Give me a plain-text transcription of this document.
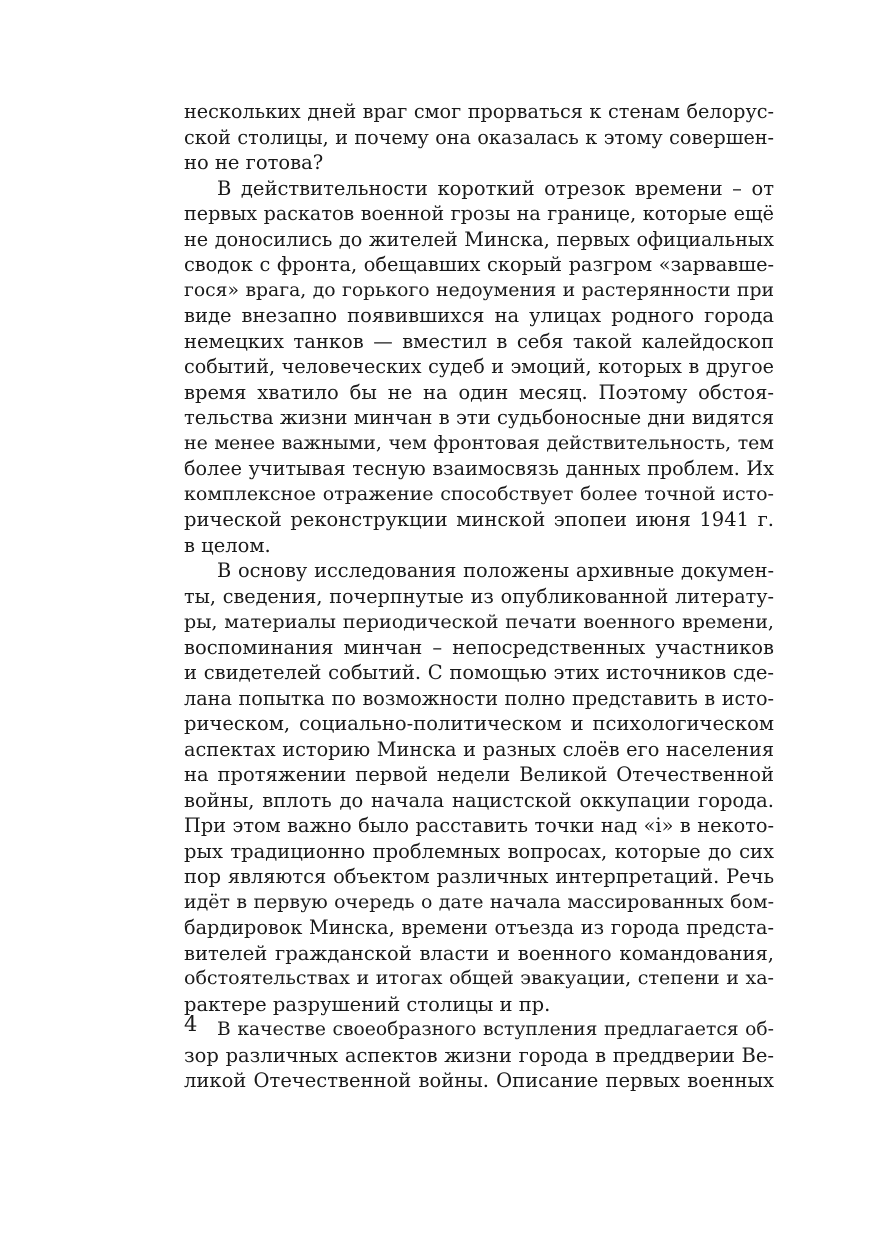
нескольких дней враг смог прорваться к стенам белорус-
ской столицы, и почему она оказалась к этому совершен-
но не готова?
В действительности короткий отрезок времени – от
первых раскатов военной грозы на границе, которые ещё
не доносились до жителей Минска, первых официальных
сводок с фронта, обещавших скорый разгром «зарвавше-
гося» врага, до горького недоумения и растерянности при
виде внезапно появившихся на улицах родного города
немецких танков — вместил в себя такой калейдоскоп
событий, человеческих судеб и эмоций, которых в другое
время хватило бы не на один месяц. Поэтому обстоя-
тельства жизни минчан в эти судьбоносные дни видятся
не менее важными, чем фронтовая действительность, тем
более учитывая тесную взаимосвязь данных проблем. Их
комплексное отражение способствует более точной исто-
рической реконструкции минской эпопеи июня 1941 г.
в целом.
В основу исследования положены архивные докумен-
ты, сведения, почерпнутые из опубликованной литерату-
ры, материалы периодической печати военного времени,
воспоминания минчан – непосредственных участников
и свидетелей событий. С помощью этих источников сде-
лана попытка по возможности полно представить в исто-
рическом, социально-политическом и психологическом
аспектах историю Минска и разных слоёв его населения
на протяжении первой недели Великой Отечественной
войны, вплоть до начала нацистской оккупации города.
При этом важно было расставить точки над «i» в некото-
рых традиционно проблемных вопросах, которые до сих
пор являются объектом различных интерпретаций. Речь
идёт в первую очередь о дате начала массированных бом-
бардировок Минска, времени отъезда из города предста-
вителей гражданской власти и военного командования,
обстоятельствах и итогах общей эвакуации, степени и ха-
рактере разрушений столицы и пр.
В качестве своеобразного вступления предлагается об-
зор различных аспектов жизни города в преддверии Ве-
ликой Отечественной войны. Описание первых военных
4
